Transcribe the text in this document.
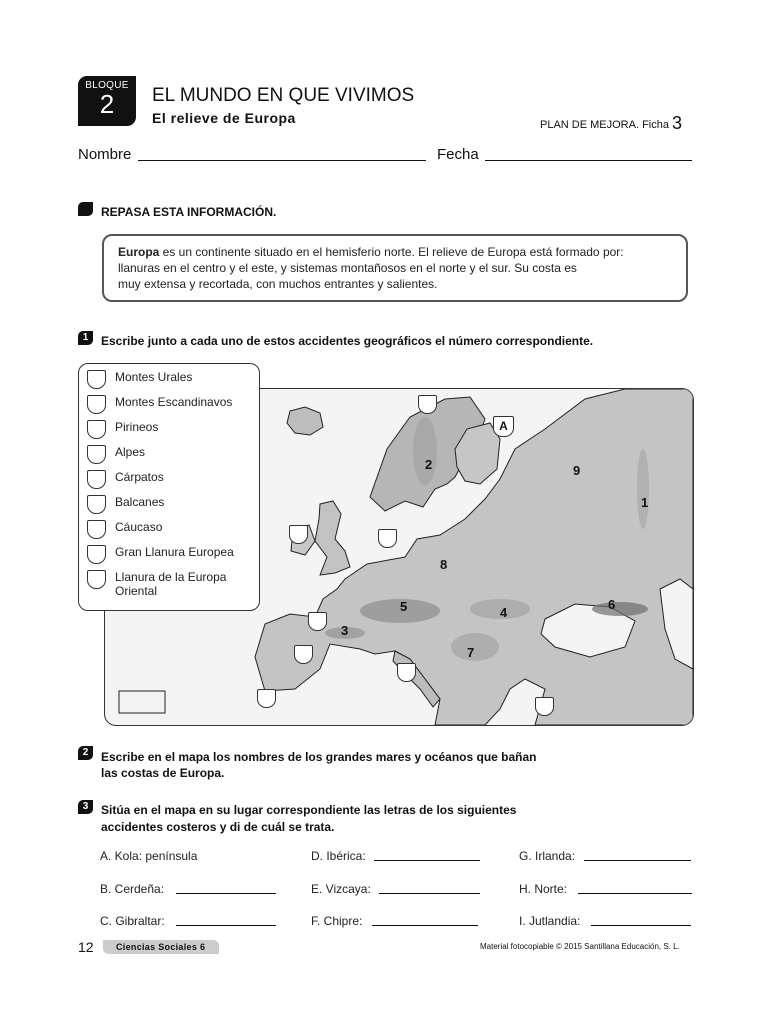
BLOQUE
2	EL MUNDO EN QUE VIVIMOS
El relieve de Europa	PLAN DE MEJORA. Ficha 3
Nombre	Fecha
REPASA ESTA INFORMACIÓN.
Europa es un continente situado en el hemisferio norte. El relieve de Europa está formado por:
llanuras en el centro y el este, y sistemas montañosos en el norte y el sur. Su costa es
muy extensa y recortada, con muchos entrantes y salientes.
1	Escribe junto a cada uno de estos accidentes geográficos el número correspondiente.
Montes Urales
Montes Escandinavos
Pirineos
Alpes
Cárpatos
Balcanes
Cáucaso
Gran Llanura Europea
Llanura de la Europa
Oriental
A
1
2
3
4
5	6
7
8
9
2	Escribe en el mapa los nombres de los grandes mares y océanos que bañan
las costas de Europa.
3	Sitúa en el mapa en su lugar correspondiente las letras de los siguientes
accidentes costeros y di de cuál se trata.
A. Kola: península	D. Ibérica:	G. Irlanda:
B. Cerdeña:	E. Vizcaya:	H. Norte:
C. Gibraltar:	F. Chipre:	I. Jutlandia:
12	Ciencias Sociales 6	Material fotocopiable © 2015 Santillana Educación, S. L.
